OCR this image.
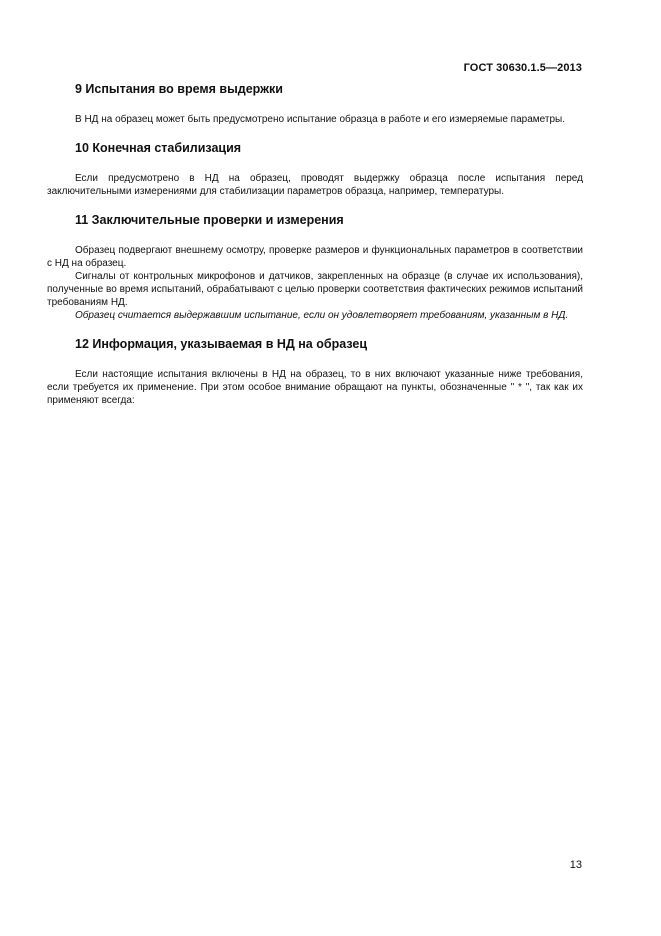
ГОСТ 30630.1.5—2013
9 Испытания во время выдержки

В НД на образец может быть предусмотрено испытание образца в работе и его измеряемые параметры.

10 Конечная стабилизация

Если предусмотрено в НД на образец, проводят выдержку образца после испытания перед заключительными измерениями для стабилизации параметров образца, например, температуры.

11 Заключительные проверки и измерения

Образец подвергают внешнему осмотру, проверке размеров и функциональных параметров в соответствии с НД на образец.

Сигналы от контрольных микрофонов и датчиков, закрепленных на образце (в случае их использования), полученные во время испытаний, обрабатывают с целью проверки соответствия фактических режимов испытаний требованиям НД.

Образец считается выдержавшим испытание, если он удовлетворяет требованиям, указанным в НД.

12 Информация, указываемая в НД на образец

Если настоящие испытания включены в НД на образец, то в них включают указанные ниже требования, если требуется их применение. При этом особое внимание обращают на пункты, обозначенные " * ", так как их применяют всегда:

13
